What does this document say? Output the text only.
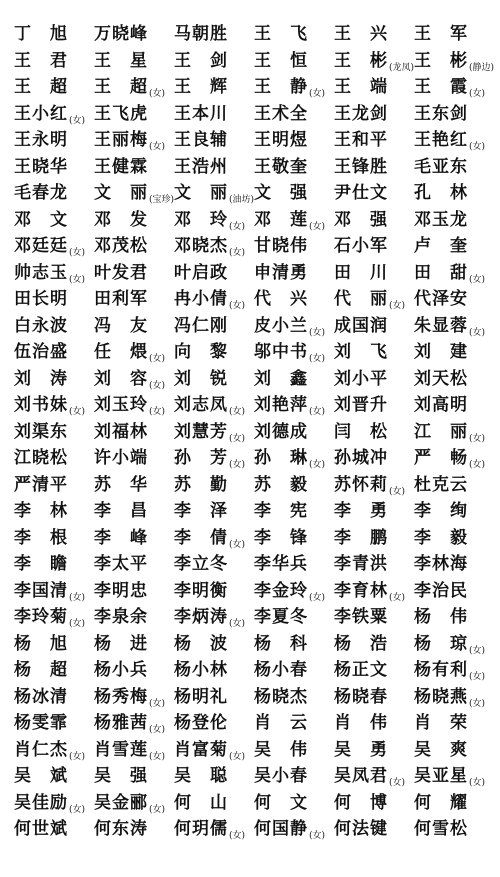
丁　旭 万晓峰 马朝胜 王　飞 王　兴 王　军
王　君 王　星 王　剑 王　恒 王　彬$_{(龙凤)}$ 王　彬$_{(静边)}$
王　超 王　超$_{(女)}$ 王　辉 王　静$_{(女)}$ 王　端 王　霞$_{(女)}$
王小红$_{(女)}$ 王飞虎 王本川 王术全 王龙剑 王东剑
王永明 王丽梅$_{(女)}$ 王良辅 王明煜 王和平 王艳红$_{(女)}$
王晓华 王健霖 王浩州 王敬奎 王锋胜 毛亚东
毛春龙 文　丽$_{(宝珍)}$ 文　丽$_{(油坊)}$ 文　强 尹仕文 孔　林
邓　文 邓　发 邓　玲$_{(女)}$ 邓　莲$_{(女)}$ 邓　强 邓玉龙
邓廷廷$_{(女)}$ 邓茂松 邓晓杰$_{(女)}$ 甘晓伟 石小军 卢　奎
帅志玉$_{(女)}$ 叶发君 叶启政 申清勇 田　川 田　甜$_{(女)}$
田长明 田利军 冉小倩$_{(女)}$ 代　兴 代　丽$_{(女)}$ 代泽安
白永波 冯　友 冯仁刚 皮小兰$_{(女)}$ 成国润 朱显蓉$_{(女)}$
伍治盛 任　煨$_{(女)}$ 向　黎 邬中书$_{(女)}$ 刘　飞 刘　建
刘　涛 刘　容$_{(女)}$ 刘　锐 刘　鑫 刘小平 刘天松
刘书妹$_{(女)}$ 刘玉玲$_{(女)}$ 刘志凤$_{(女)}$ 刘艳萍$_{(女)}$ 刘晋升 刘高明
刘渠东 刘福林 刘慧芳$_{(女)}$ 刘德成 闫　松 江　丽$_{(女)}$
江晓松 许小端 孙　芳$_{(女)}$ 孙　琳$_{(女)}$ 孙城冲 严　畅$_{(女)}$
严清平 苏　华 苏　勤 苏　毅 苏怀莉$_{(女)}$ 杜克云
李　林 李　昌 李　泽 李　宪 李　勇 李　绚
李　根 李　峰 李　倩$_{(女)}$ 李　锋 李　鹏 李　毅
李　瞻 李太平 李立冬 李华兵 李青洪 李林海
李国清$_{(女)}$ 李明忠 李明衡 李金玲$_{(女)}$ 李育林$_{(女)}$ 李治民
李玲菊$_{(女)}$ 李泉余 李炳涛$_{(女)}$ 李夏冬 李铁粟 杨　伟
杨　旭 杨　进 杨　波 杨　科 杨　浩 杨　琼$_{(女)}$
杨　超 杨小兵 杨小林 杨小春 杨正文 杨有利$_{(女)}$
杨冰清 杨秀梅$_{(女)}$ 杨明礼 杨晓杰 杨晓春 杨晓燕$_{(女)}$
杨雯霏 杨雅茜$_{(女)}$ 杨登伦 肖　云 肖　伟 肖　荣
肖仁杰$_{(女)}$ 肖雪莲$_{(女)}$ 肖富菊$_{(女)}$ 吴　伟 吴　勇 吴　爽
吴　斌 吴　强 吴　聪 吴小春 吴凤君$_{(女)}$ 吴亚星$_{(女)}$
吴佳励$_{(女)}$ 吴金郦$_{(女)}$ 何　山 何　文 何　博 何　耀
何世斌 何东涛 何玥儒$_{(女)}$ 何国静$_{(女)}$ 何法键 何雪松
